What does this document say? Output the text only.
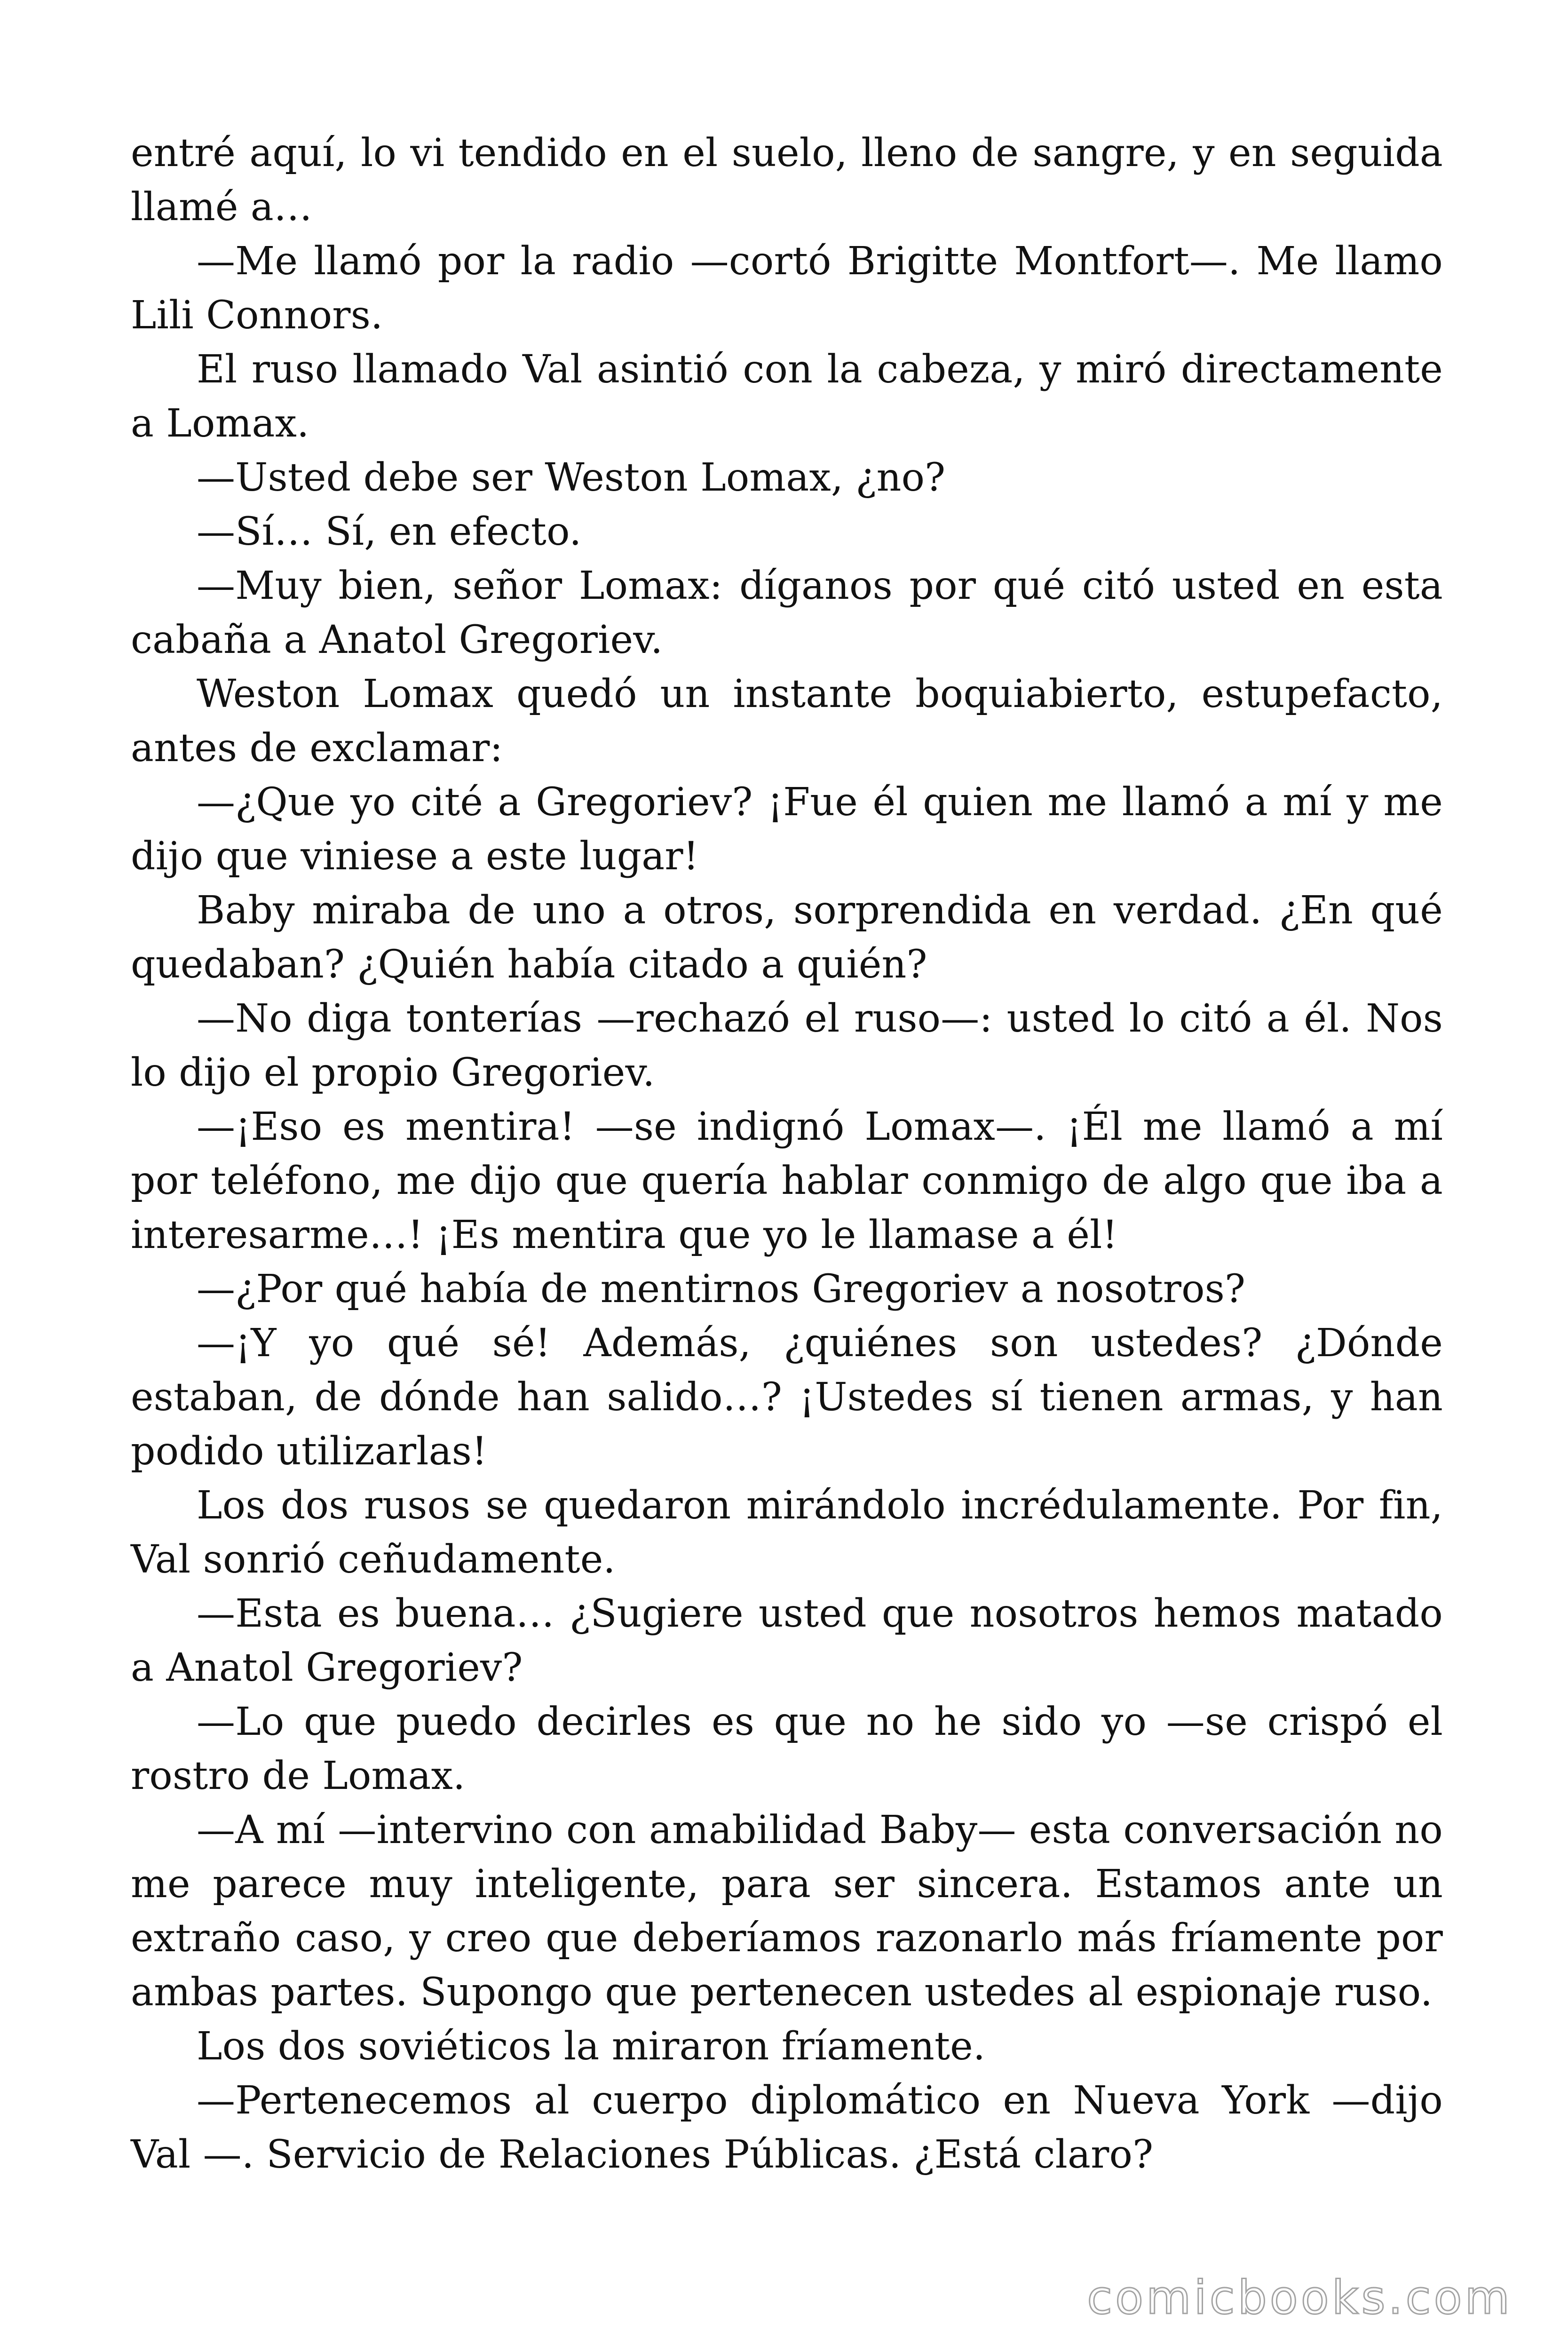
entré aquí, lo vi tendido en el suelo, lleno de sangre, y en seguida llamé a…

—Me llamó por la radio —cortó Brigitte Montfort—. Me llamo Lili Connors.

El ruso llamado Val asintió con la cabeza, y miró directamente a Lomax.

—Usted debe ser Weston Lomax, ¿no?

—Sí… Sí, en efecto.

—Muy bien, señor Lomax: díganos por qué citó usted en esta cabaña a Anatol Gregoriev.

Weston Lomax quedó un instante boquiabierto, estupefacto, antes de exclamar:

—¿Que yo cité a Gregoriev? ¡Fue él quien me llamó a mí y me dijo que viniese a este lugar!

Baby miraba de uno a otros, sorprendida en verdad. ¿En qué quedaban? ¿Quién había citado a quién?

—No diga tonterías —rechazó el ruso—: usted lo citó a él. Nos lo dijo el propio Gregoriev.

—¡Eso es mentira! —se indignó Lomax—. ¡Él me llamó a mí por teléfono, me dijo que quería hablar conmigo de algo que iba a interesarme…! ¡Es mentira que yo le llamase a él!

—¿Por qué había de mentirnos Gregoriev a nosotros?

—¡Y yo qué sé! Además, ¿quiénes son ustedes? ¿Dónde estaban, de dónde han salido…? ¡Ustedes sí tienen armas, y han podido utilizarlas!

Los dos rusos se quedaron mirándolo incrédulamente. Por fin, Val sonrió ceñudamente.

—Esta es buena… ¿Sugiere usted que nosotros hemos matado a Anatol Gregoriev?

—Lo que puedo decirles es que no he sido yo —se crispó el rostro de Lomax.

—A mí —intervino con amabilidad Baby— esta conversación no me parece muy inteligente, para ser sincera. Estamos ante un extraño caso, y creo que deberíamos razonarlo más fríamente por ambas partes. Supongo que pertenecen ustedes al espionaje ruso.

Los dos soviéticos la miraron fríamente.

—Pertenecemos al cuerpo diplomático en Nueva York —dijo Val —. Servicio de Relaciones Públicas. ¿Está claro?

comicbooks.com
